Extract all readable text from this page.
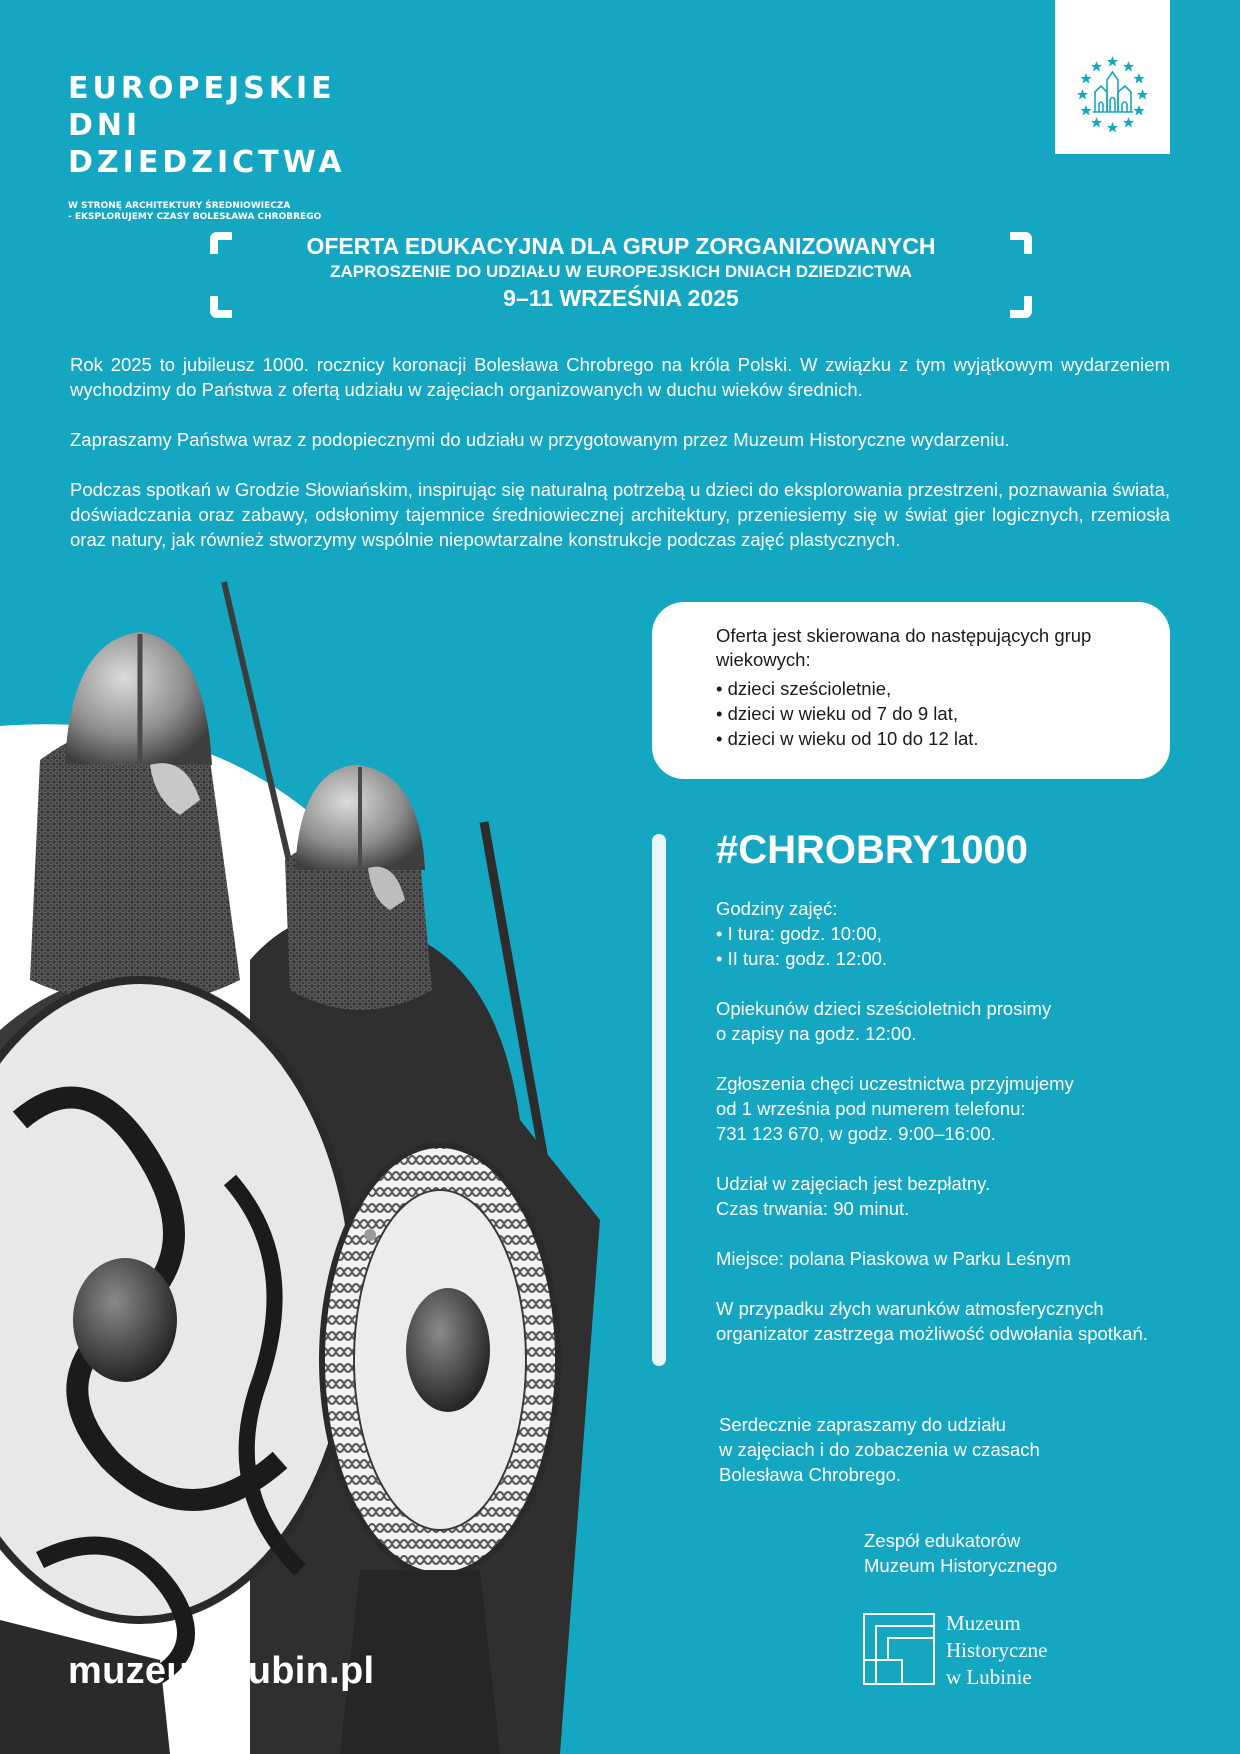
EUROPEJSKIE
DNI
DZIEDZICTWA
W STRONĘ ARCHITEKTURY ŚREDNIOWIECZA
- EKSPLORUJEMY CZASY BOLESŁAWA CHROBREGO
OFERTA EDUKACYJNA DLA GRUP ZORGANIZOWANYCH
ZAPROSZENIE DO UDZIAŁU W EUROPEJSKICH DNIACH DZIEDZICTWA
9–11 WRZEŚNIA 2025

Rok 2025 to jubileusz 1000. rocznicy koronacji Bolesława Chrobrego na króla Polski. W związku z tym wyjątkowym wydarzeniem wychodzimy do Państwa z ofertą udziału w zajęciach organizowanych w duchu wieków średnich.

Zapraszamy Państwa wraz z podopiecznymi do udziału w przygotowanym przez Muzeum Historyczne wydarzeniu.

Podczas spotkań w Grodzie Słowiańskim, inspirując się naturalną potrzebą u dzieci do eksplorowania przestrzeni, poznawania świata, doświadczania oraz zabawy, odsłonimy tajemnice średniowiecznej architektury, przeniesiemy się w świat gier logicznych, rzemiosła oraz natury, jak również stworzymy wspólnie niepowtarzalne konstrukcje podczas zajęć plastycznych.

Oferta jest skierowana do następujących grup wiekowych:
• dzieci sześcioletnie,
• dzieci w wieku od 7 do 9 lat,
• dzieci w wieku od 10 do 12 lat.
#CHROBRY1000
Godziny zajęć:
• I tura: godz. 10:00,
• II tura: godz. 12:00.
Opiekunów dzieci sześcioletnich prosimy
o zapisy na godz. 12:00.
Zgłoszenia chęci uczestnictwa przyjmujemy
od 1 września pod numerem telefonu:
731 123 670, w godz. 9:00–16:00.
Udział w zajęciach jest bezpłatny.
Czas trwania: 90 minut.
Miejsce: polana Piaskowa w Parku Leśnym
W przypadku złych warunków atmosferycznych organizator zastrzega możliwość odwołania spotkań.
Serdecznie zapraszamy do udziału
w zajęciach i do zobaczenia w czasach
Bolesława Chrobrego.
Zespół edukatorów
Muzeum Historycznego
Muzeum
Historyczne
w Lubinie
muzeum-lubin.pl
